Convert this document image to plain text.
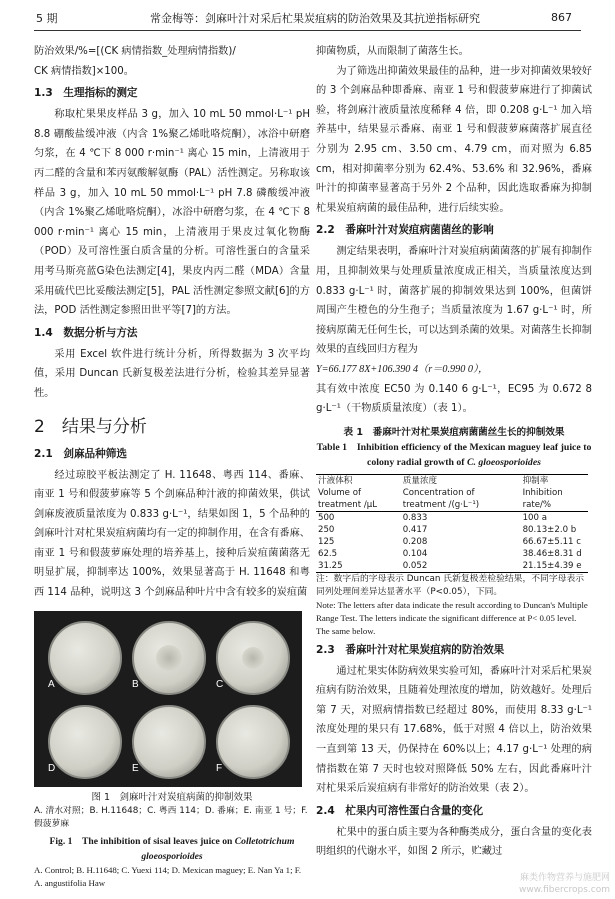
5 期	常金梅等：剑麻叶汁对采后杧果炭疽病的防治效果及其抗逆指标研究	867

防治效果/%=[(CK 病情指数_处理病情指数)/

CK 病情指数]×100。

1.3　生理指标的测定

称取杧果果皮样品 3 g，加入 10 mL 50 mmol·L⁻¹ pH 8.8 硼酸盐缓冲液（内含 1%聚乙烯吡咯烷酮），冰浴中研磨匀浆，在 4 ℃下 8 000 r·min⁻¹ 离心 15 min，上清液用于丙二醛的含量和苯丙氨酸解氨酶（PAL）活性测定。另称取该样品 3 g，加入 10 mL 50 mmol·L⁻¹ pH 7.8 磷酸缓冲液（内含 1%聚乙烯吡咯烷酮），冰浴中研磨匀浆，在 4 ℃下 8 000 r·min⁻¹ 离心 15 min，上清液用于果皮过氧化物酶（POD）及可溶性蛋白质含量的分析。可溶性蛋白的含量采用考马斯亮蓝G染色法测定[4]，果皮内丙二醛（MDA）含量采用硫代巴比妥酸法测定[5]，PAL 活性测定参照文献[6]的方法，POD 活性测定参照田世平等[7]的方法。

1.4　数据分析与方法

采用 Excel 软件进行统计分析，所得数据为 3 次平均值，采用 Duncan 氏新复极差法进行分析，检验其差异显著性。

2　结果与分析
2.1　剑麻品种筛选

经过琼胶平板法测定了 H. 11648、粤西 114、番麻、南亚 1 号和假菠萝麻等 5 个剑麻品种汁液的抑菌效果，供试剑麻废液质量浓度为 0.833 g·L⁻¹，结果如图 1，5 个品种的剑麻叶汁对杧果炭疽病菌均有一定的抑制作用，在含有番麻、南亚 1 号和假菠萝麻处理的培养基上，接种后炭疽菌菌落无明显扩展，抑制率达 100%，效果显著高于 H. 11648 和粤西 114 品种，说明这 3 个剑麻品种叶片中含有较多的炭疽菌

A	B	C
D	E	F
图 1　剑麻叶汁对炭疽病菌的抑制效果
A. 清水对照；B. H.11648；C. 粤西 114；D. 番麻；E. 南亚 1 号；F. 假菠萝麻
Fig. 1　The inhibition of sisal leaves juice on Colletotrichum gloeosporioides
A. Control; B. H.11648; C. Yuexi 114; D. Mexican maguey; E. Nan Ya 1; F. A. angustifolia Haw

抑菌物质，从而限制了菌落生长。

为了筛选出抑菌效果最佳的品种，进一步对抑菌效果较好的 3 个剑麻品种即番麻、南亚 1 号和假菠萝麻进行了抑菌试验，将剑麻汁液质量浓度稀释 4 倍，即 0.208 g·L⁻¹ 加入培养基中，结果显示番麻、南亚 1 号和假菠萝麻菌落扩展直径分别为 2.95 cm、3.50 cm、4.79 cm，而对照为 6.85 cm，相对抑菌率分别为 62.4%、53.6% 和 32.96%，番麻叶汁的抑菌率显著高于另外 2 个品种，因此选取番麻为抑制杧果炭疽病菌的最佳品种，进行后续实验。

2.2　番麻叶汁对炭疽病菌菌丝的影响

测定结果表明，番麻叶汁对炭疽病菌菌落的扩展有抑制作用，且抑制效果与处理质量浓度成正相关，当质量浓度达到 0.833 g·L⁻¹ 时，菌落扩展的抑制效果达到 100%，但菌饼周围产生橙色的分生孢子；当质量浓度为 1.67 g·L⁻¹ 时，所接病原菌无任何生长，可以达到杀菌的效果。对菌落生长抑制效果的直线回归方程为

Y=66.177 8X+106.390 4（r＝0.990 0），

其有效中浓度 EC50 为 0.140 6 g·L⁻¹，EC95 为 0.672 8 g·L⁻¹（干物质质量浓度）（表 1）。

表 1　番麻叶汁对杧果炭疽病菌菌丝生长的抑制效果
Table 1　Inhibition efficiency of the Mexican maguey leaf juice to colony radial growth of C. gloeosporioides
汁液体积	质量浓度	抑制率
Volume of treatment /μL	Concentration of treatment /(g·L⁻¹)	Inhibition rate/%
500	0.833	100 a
250	0.417	80.13±2.0 b
125	0.208	66.67±5.11 c
62.5	0.104	38.46±8.31 d
31.25	0.052	21.15±4.39 e
注：数字后的字母表示 Duncan 氏新复极差检验结果，不同字母表示同列处理间差异达显著水平（P<0.05），下同。
Note: The letters after data indicate the result according to Duncan's Multiple Range Test. The letters indicate the significant difference at P< 0.05 level. The same below.
2.3　番麻叶汁对杧果炭疽病的防治效果

通过杧果实体防病效果实验可知，番麻叶汁对采后杧果炭疽病有防治效果，且随着处理浓度的增加，防效越好。处理后第 7 天，对照病情指数已经超过 80%，而使用 8.33 g·L⁻¹ 浓度处理的果只有 17.68%，低于对照 4 倍以上，防治效果一直到第 13 天，仍保持在 60%以上；4.17 g·L⁻¹ 处理的病情指数在第 7 天时也较对照降低 50% 左右，因此番麻叶汁对杧果采后炭疽病有非常好的防治效果（表 2）。

2.4　杧果内可溶性蛋白含量的变化

杧果中的蛋白质主要为各种酶类成分，蛋白含量的变化表明组织的代谢水平，如图 2 所示，贮藏过

麻类作物营养与施肥网 www.fibercrops.com
